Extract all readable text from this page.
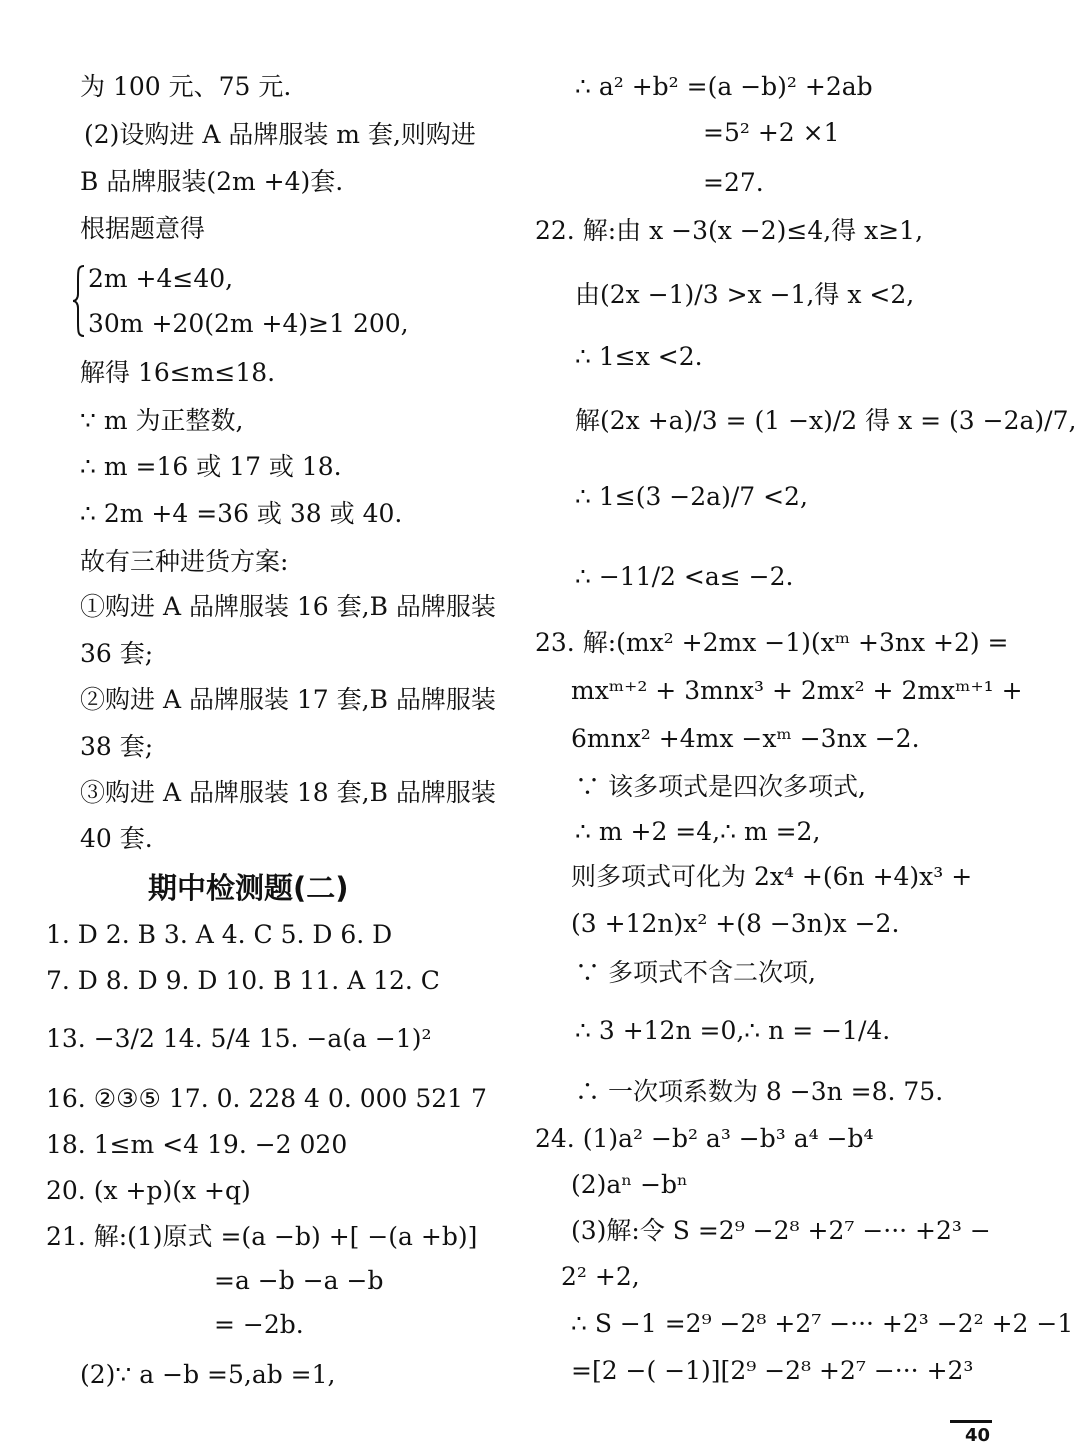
为 100 元、75 元.
(2)设购进 A 品牌服装 m 套,则购进
B 品牌服装(2m +4)套.
根据题意得
2m +4≤40,
30m +20(2m +4)≥1 200,
解得 16≤m≤18.
∵ m 为正整数,
∴ m =16 或 17 或 18.
∴ 2m +4 =36 或 38 或 40.
故有三种进货方案:
①购进 A 品牌服装 16 套,B 品牌服装
36 套;
②购进 A 品牌服装 17 套,B 品牌服装
38 套;
③购进 A 品牌服装 18 套,B 品牌服装
40 套.
期中检测题(二)
1. D 2. B 3. A 4. C 5. D 6. D
7. D 8. D 9. D 10. B 11. A 12. C
13. −3/2 14. 5/4 15. −a(a −1)²
16. ②③⑤ 17. 0. 228 4 0. 000 521 7
18. 1≤m <4 19. −2 020
20. (x +p)(x +q)
21. 解:(1)原式 =(a −b) +[ −(a +b)]
=a −b −a −b
= −2b.
(2)∵ a −b =5,ab =1,
∴ a² +b² =(a −b)² +2ab
=5² +2 ×1
=27.
22. 解:由 x −3(x −2)≤4,得 x≥1,
由(2x −1)/3 >x −1,得 x <2,
∴ 1≤x <2.
解(2x +a)/3 = (1 −x)/2 得 x = (3 −2a)/7,
∴ 1≤(3 −2a)/7 <2,
∴ −11/2 <a≤ −2.
23. 解:(mx² +2mx −1)(xᵐ +3nx +2) =
mxᵐ⁺² + 3mnx³ + 2mx² + 2mxᵐ⁺¹ +
6mnx² +4mx −xᵐ −3nx −2.
∵ 该多项式是四次多项式,
∴ m +2 =4,∴ m =2,
则多项式可化为 2x⁴ +(6n +4)x³ +
(3 +12n)x² +(8 −3n)x −2.
∵ 多项式不含二次项,
∴ 3 +12n =0,∴ n = −1/4.
∴ 一次项系数为 8 −3n =8. 75.
24. (1)a² −b² a³ −b³ a⁴ −b⁴
(2)aⁿ −bⁿ
(3)解:令 S =2⁹ −2⁸ +2⁷ −··· +2³ −
2² +2,
∴ S −1 =2⁹ −2⁸ +2⁷ −··· +2³ −2² +2 −1
=[2 −( −1)][2⁹ −2⁸ +2⁷ −··· +2³
40
